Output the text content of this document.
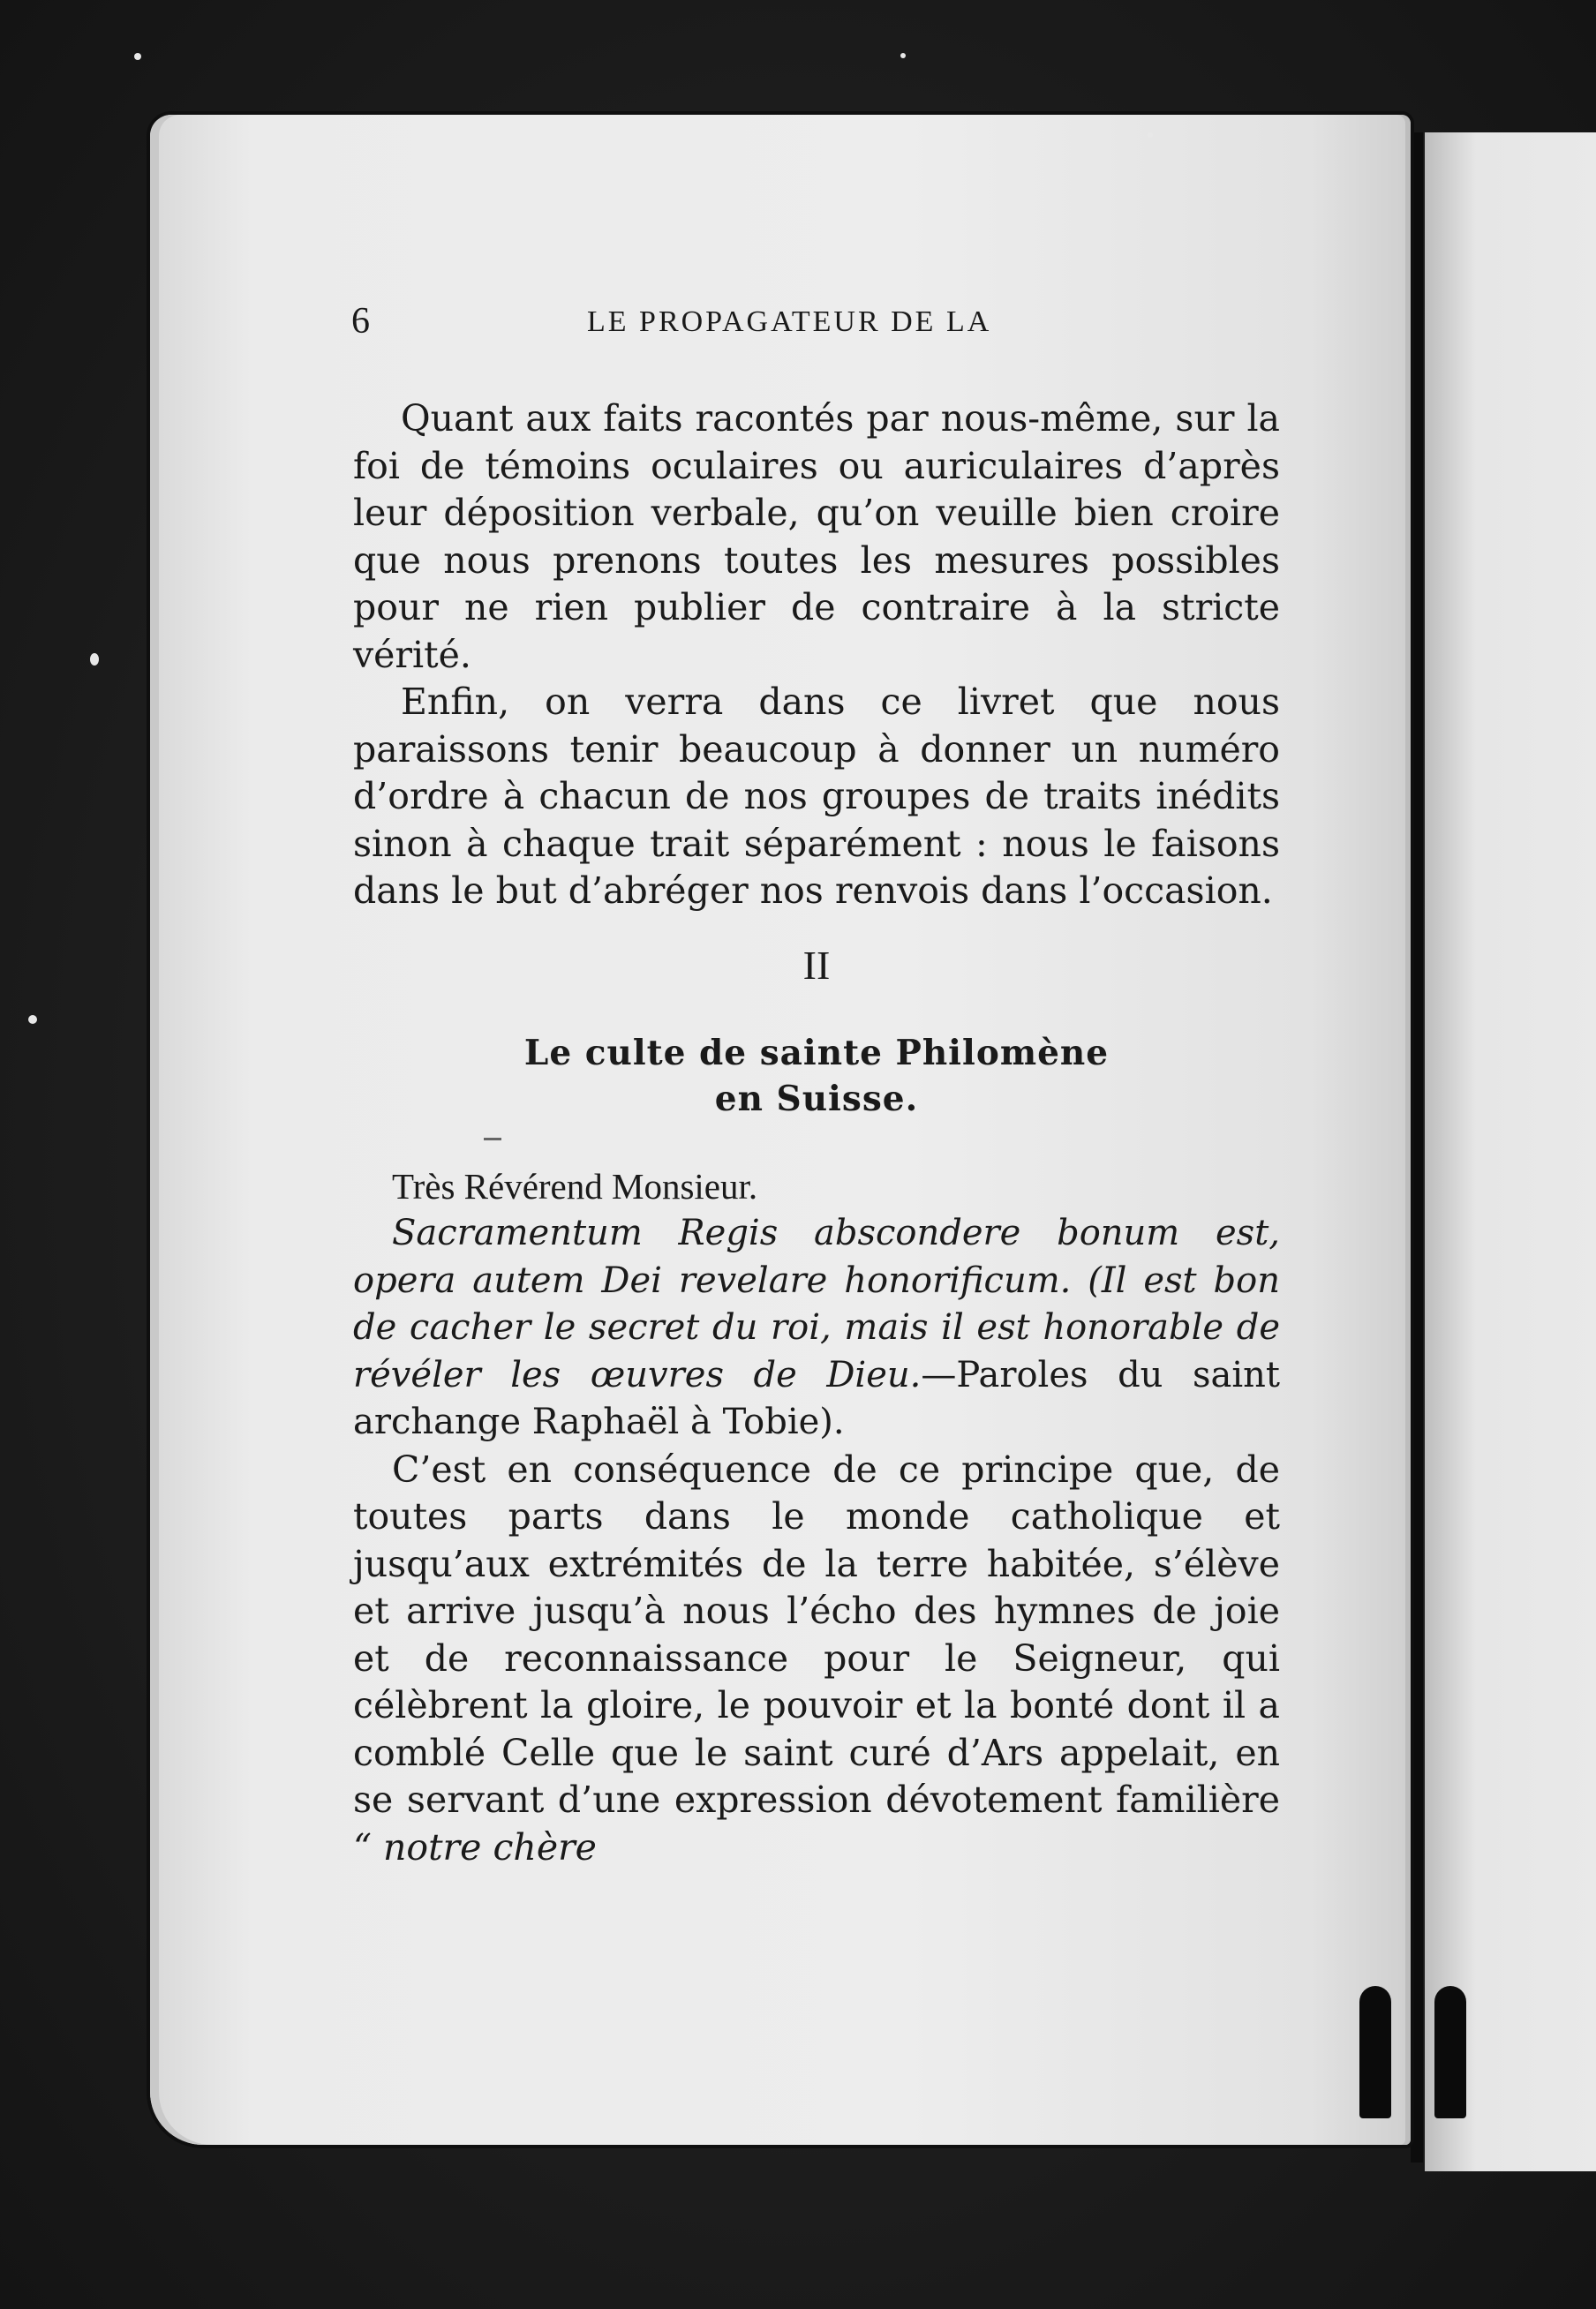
6	LE PROPAGATEUR DE LA

Quant aux faits racontés par nous-même, sur la foi de témoins oculaires ou auriculaires d’après leur déposition verbale, qu’on veuille bien croire que nous prenons toutes les mesures possibles pour ne rien publier de contraire à la stricte vérité.

Enfin, on verra dans ce livret que nous paraissons tenir beaucoup à donner un numéro d’ordre à chacun de nos groupes de traits inédits sinon à chaque trait séparément : nous le faisons dans le but d’abréger nos renvois dans l’occasion.

II
Le culte de sainte Philomène
en Suisse.
Très Révérend Monsieur.

Sacramentum Regis abscondere bonum est, opera autem Dei revelare honorificum. (Il est bon de cacher le secret du roi, mais il est honorable de révéler les œuvres de Dieu.—Paroles du saint archange Raphaël à Tobie).

C’est en conséquence de ce principe que, de toutes parts dans le monde catholique et jusqu’aux extrémités de la terre habitée, s’élève et arrive jusqu’à nous l’écho des hymnes de joie et de reconnaissance pour le Seigneur, qui célèbrent la gloire, le pouvoir et la bonté dont il a comblé Celle que le saint curé d’Ars appelait, en se servant d’une expression dévotement familière “ notre chère
